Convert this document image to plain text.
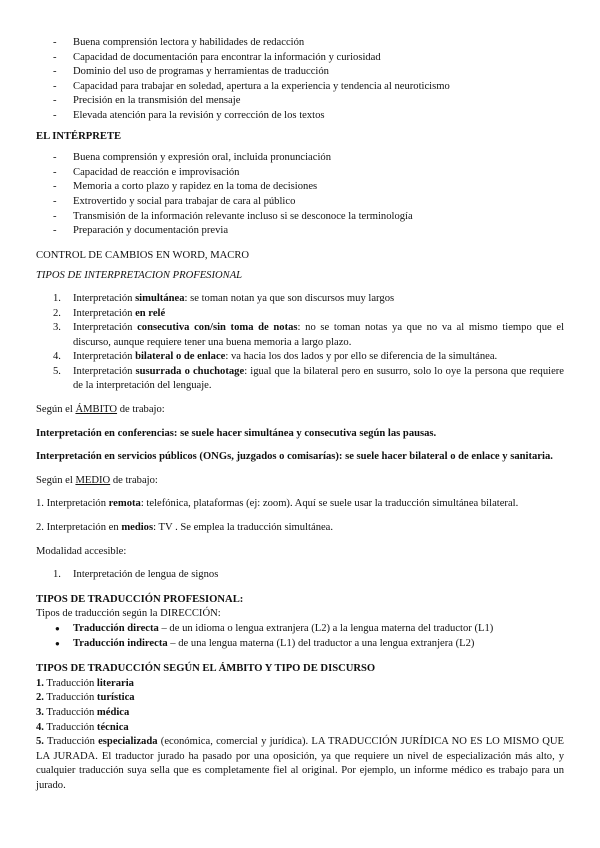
- Buena comprensión lectora y habilidades de redacción
- Capacidad de documentación para encontrar la información y curiosidad
- Dominio del uso de programas y herramientas de traducción
- Capacidad para trabajar en soledad, apertura a la experiencia y tendencia al neuroticismo
- Precisión en la transmisión del mensaje
- Elevada atención para la revisión y corrección de los textos
EL INTÉRPRETE
- Buena comprensión y expresión oral, incluida pronunciación
- Capacidad de reacción e improvisación
- Memoria a corto plazo y rapidez en la toma de decisiones
- Extrovertido y social para trabajar de cara al público
- Transmisión de la información relevante incluso si se desconoce la terminología
- Preparación y documentación previa
CONTROL DE CAMBIOS EN WORD, MACRO
TIPOS DE INTERPRETACION PROFESIONAL
1. Interpretación simultánea: se toman notan ya que son discursos muy largos
2. Interpretación en relé
3. Interpretación consecutiva con/sin toma de notas: no se toman notas ya que no va al mismo tiempo que el discurso, aunque requiere tener una buena memoria a largo plazo.
4. Interpretación bilateral o de enlace: va hacia los dos lados y por ello se diferencia de la simultánea.
5. Interpretación susurrada o chuchotage: igual que la bilateral pero en susurro, solo lo oye la persona que requiere de la interpretación del lenguaje.

Según el ÁMBITO de trabajo:

Interpretación en conferencias: se suele hacer simultánea y consecutiva según las pausas.

Interpretación en servicios públicos (ONGs, juzgados o comisarías): se suele hacer bilateral o de enlace y sanitaria.

Según el MEDIO de trabajo:

1. Interpretación remota: telefónica, plataformas (ej: zoom). Aquí se suele usar la traducción simultánea bilateral.

2. Interpretación en medios: TV . Se emplea la traducción simultánea.

Modalidad accesible:

1. Interpretación de lengua de signos
TIPOS DE TRADUCCIÓN PROFESIONAL:
Tipos de traducción según la DIRECCIÓN:
● Traducción directa – de un idioma o lengua extranjera (L2) a la lengua materna del traductor (L1)
● Traducción indirecta – de una lengua materna (L1) del traductor a una lengua extranjera (L2)
TIPOS DE TRADUCCIÓN SEGÚN EL ÁMBITO Y TIPO DE DISCURSO
1. Traducción literaria
2. Traducción turística
3. Traducción médica
4. Traducción técnica
5. Traducción especializada (económica, comercial y jurídica). LA TRADUCCIÓN JURÍDICA NO ES LO MISMO QUE LA JURADA. El traductor jurado ha pasado por una oposición, ya que requiere un nivel de especialización más alto, y cualquier traducción suya sella que es completamente fiel al original. Por ejemplo, un informe médico es trabajo para un jurado.
